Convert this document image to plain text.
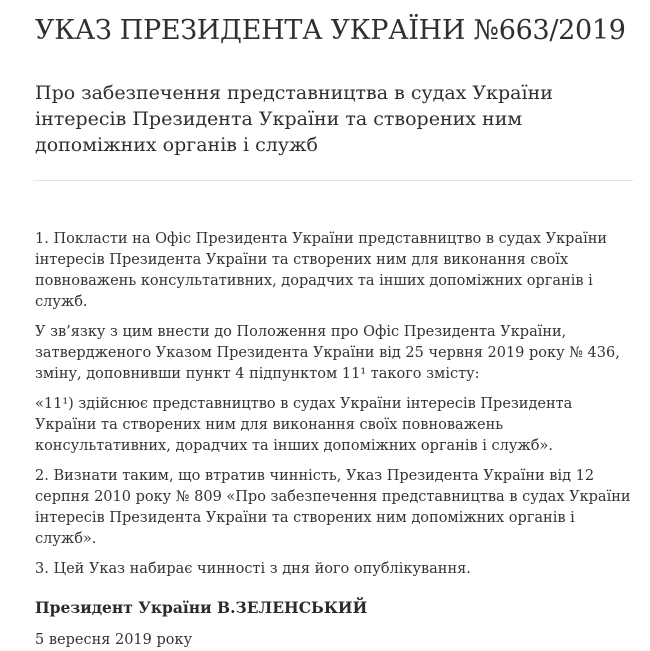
УКАЗ ПРЕЗИДЕНТА УКРАЇНИ №663/2019
Про забезпечення представництва в судах України інтересів Президента України та створених ним допоміжних органів і служб

1. Покласти на Офіс Президента України представництво в судах України інтересів Президента України та створених ним для виконання своїх повноважень консультативних, дорадчих та інших допоміжних органів і служб.

У зв’язку з цим внести до Положення про Офіс Президента України, затвердженого Указом Президента України від 25 червня 2019 року № 436, зміну, доповнивши пункт 4 підпунктом 11¹ такого змісту:

«11¹) здійснює представництво в судах України інтересів Президента України та створених ним для виконання своїх повноважень консультативних, дорадчих та інших допоміжних органів і служб».

2. Визнати таким, що втратив чинність, Указ Президента України від 12 серпня 2010 року № 809 «Про забезпечення представництва в судах України інтересів Президента України та створених ним допоміжних органів і служб».

3. Цей Указ набирає чинності з дня його опублікування.

Президент України В.ЗЕЛЕНСЬКИЙ

5 вересня 2019 року
